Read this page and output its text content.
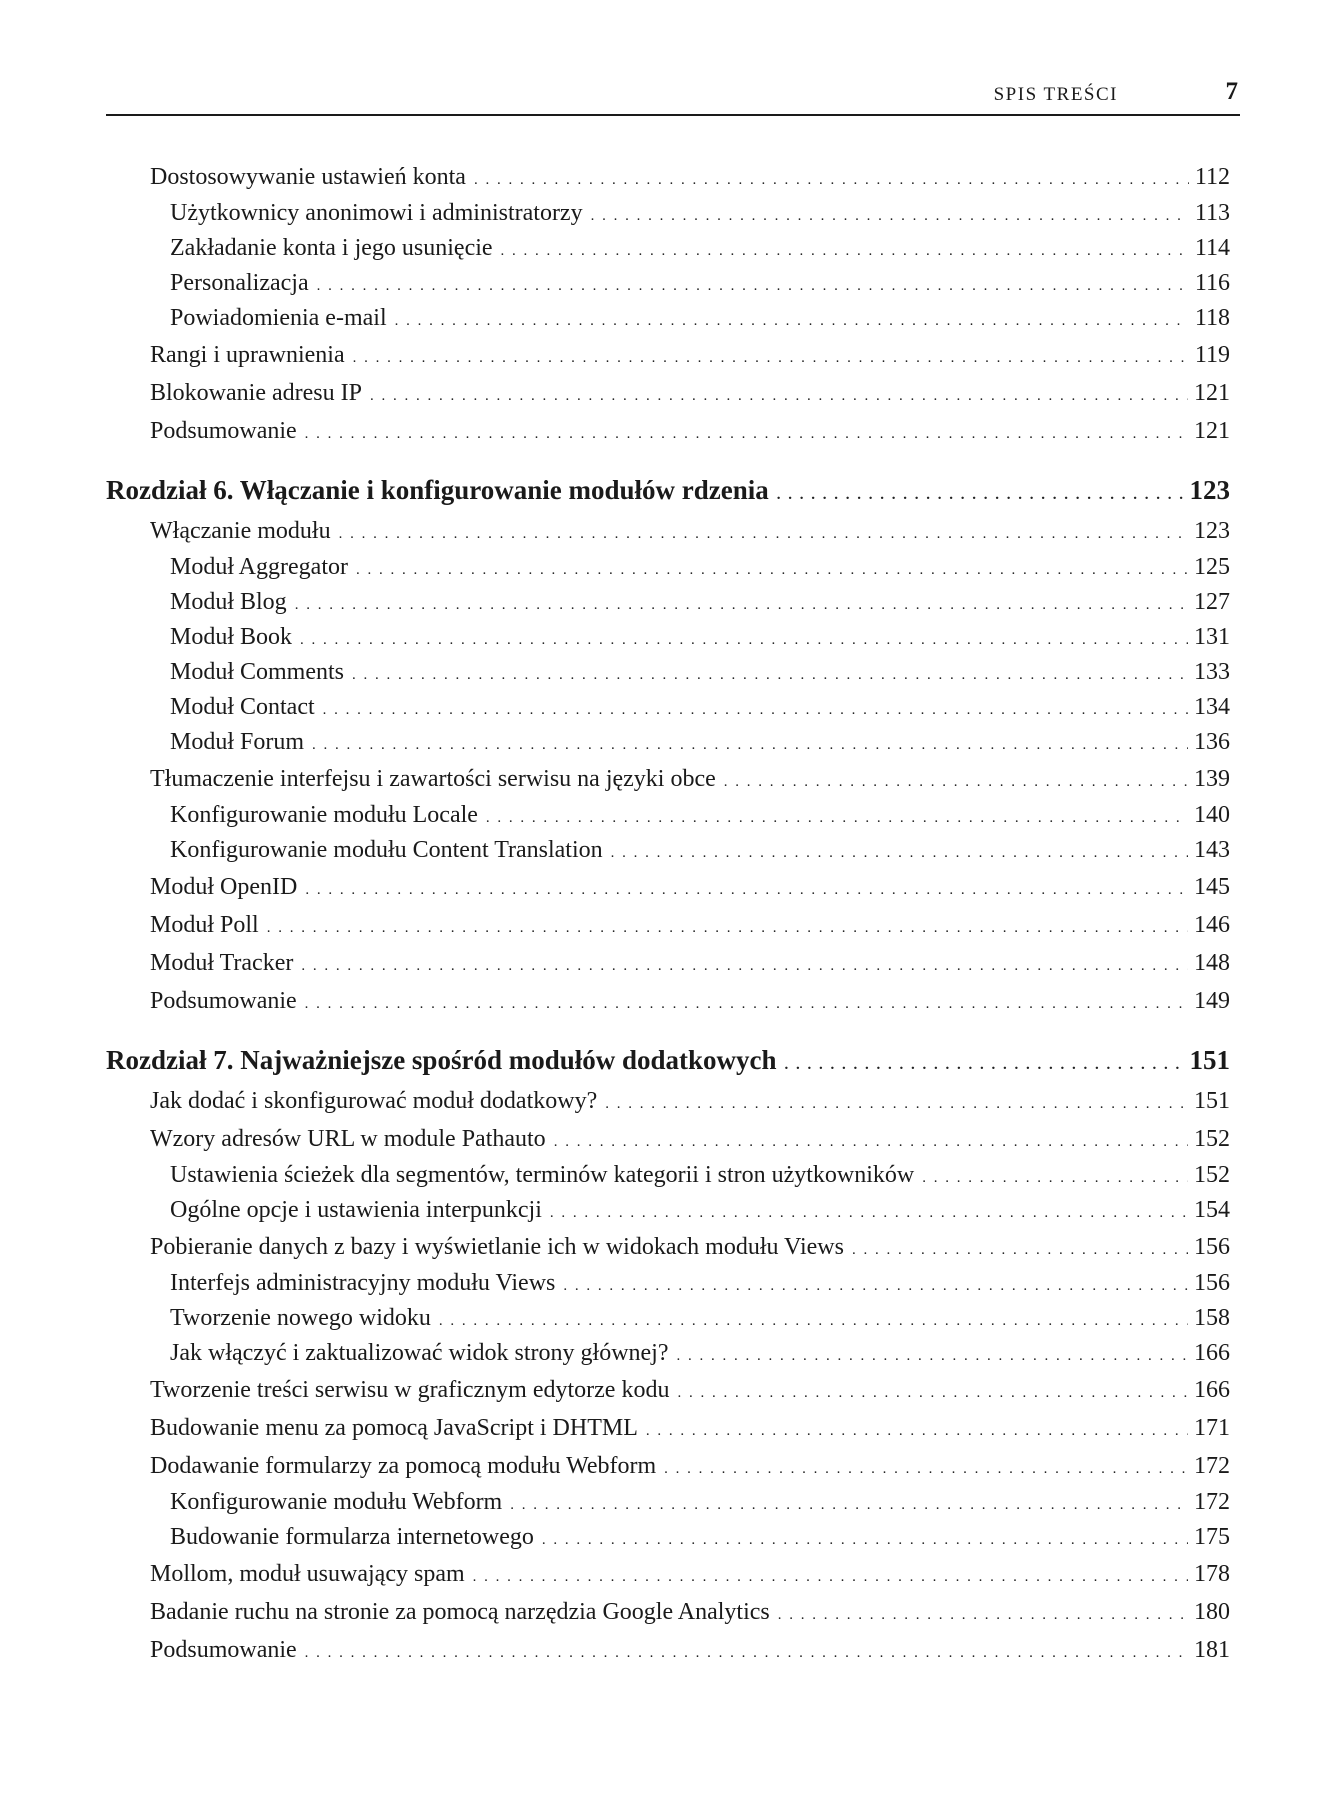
SPIS TREŚCI	7
Dostosowywanie ustawień konta . . .	112
Użytkownicy anonimowi i administratorzy . . .	113
Zakładanie konta i jego usunięcie . . .	114
Personalizacja . . .	116
Powiadomienia e-mail . . .	118
Rangi i uprawnienia . . .	119
Blokowanie adresu IP . . .	121
Podsumowanie . . .	121
Rozdział 6. Włączanie i konfigurowanie modułów rdzenia . . .	123
Włączanie modułu . . .	123
Moduł Aggregator . . .	125
Moduł Blog . . .	127
Moduł Book . . .	131
Moduł Comments . . .	133
Moduł Contact . . .	134
Moduł Forum . . .	136
Tłumaczenie interfejsu i zawartości serwisu na języki obce . . .	139
Konfigurowanie modułu Locale . . .	140
Konfigurowanie modułu Content Translation . . .	143
Moduł OpenID . . .	145
Moduł Poll . . .	146
Moduł Tracker . . .	148
Podsumowanie . . .	149
Rozdział 7. Najważniejsze spośród modułów dodatkowych . . .	151
Jak dodać i skonfigurować moduł dodatkowy? . . .	151
Wzory adresów URL w module Pathauto . . .	152
Ustawienia ścieżek dla segmentów, terminów kategorii i stron użytkowników . . .	152
Ogólne opcje i ustawienia interpunkcji . . .	154
Pobieranie danych z bazy i wyświetlanie ich w widokach modułu Views . . .	156
Interfejs administracyjny modułu Views . . .	156
Tworzenie nowego widoku . . .	158
Jak włączyć i zaktualizować widok strony głównej? . . .	166
Tworzenie treści serwisu w graficznym edytorze kodu . . .	166
Budowanie menu za pomocą JavaScript i DHTML . . .	171
Dodawanie formularzy za pomocą modułu Webform . . .	172
Konfigurowanie modułu Webform . . .	172
Budowanie formularza internetowego . . .	175
Mollom, moduł usuwający spam . . .	178
Badanie ruchu na stronie za pomocą narzędzia Google Analytics . . .	180
Podsumowanie . . .	181
